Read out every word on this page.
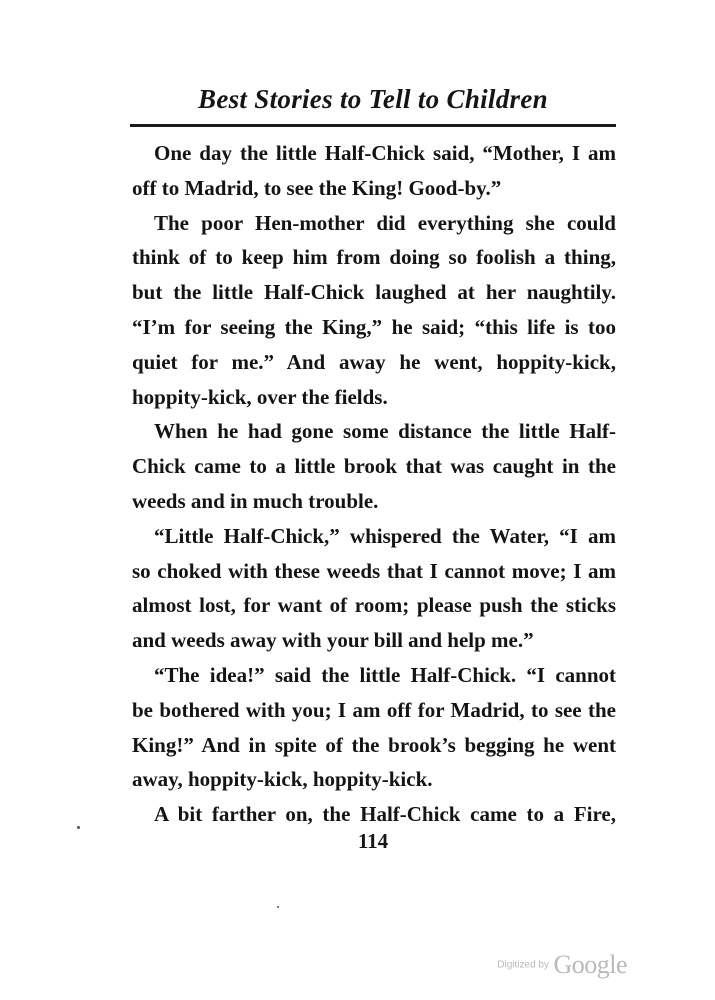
Best Stories to Tell to Children
One day the little Half-Chick said, “Mother, I am
off to Madrid, to see the King! Good-by.”
The poor Hen-mother did everything she could
think of to keep him from doing so foolish a thing,
but the little Half-Chick laughed at her naughtily.
“I’m for seeing the King,” he said; “this life is too
quiet for me.” And away he went, hoppity-kick,
hoppity-kick, over the fields.
When he had gone some distance the little Half-
Chick came to a little brook that was caught in the
weeds and in much trouble.
“Little Half-Chick,” whispered the Water, “I am
so choked with these weeds that I cannot move; I am
almost lost, for want of room; please push the sticks
and weeds away with your bill and help me.”
“The idea!” said the little Half-Chick. “I cannot
be bothered with you; I am off for Madrid, to see the
King!” And in spite of the brook’s begging he went
away, hoppity-kick, hoppity-kick.
A bit farther on, the Half-Chick came to a Fire,
114
Digitized by Google
